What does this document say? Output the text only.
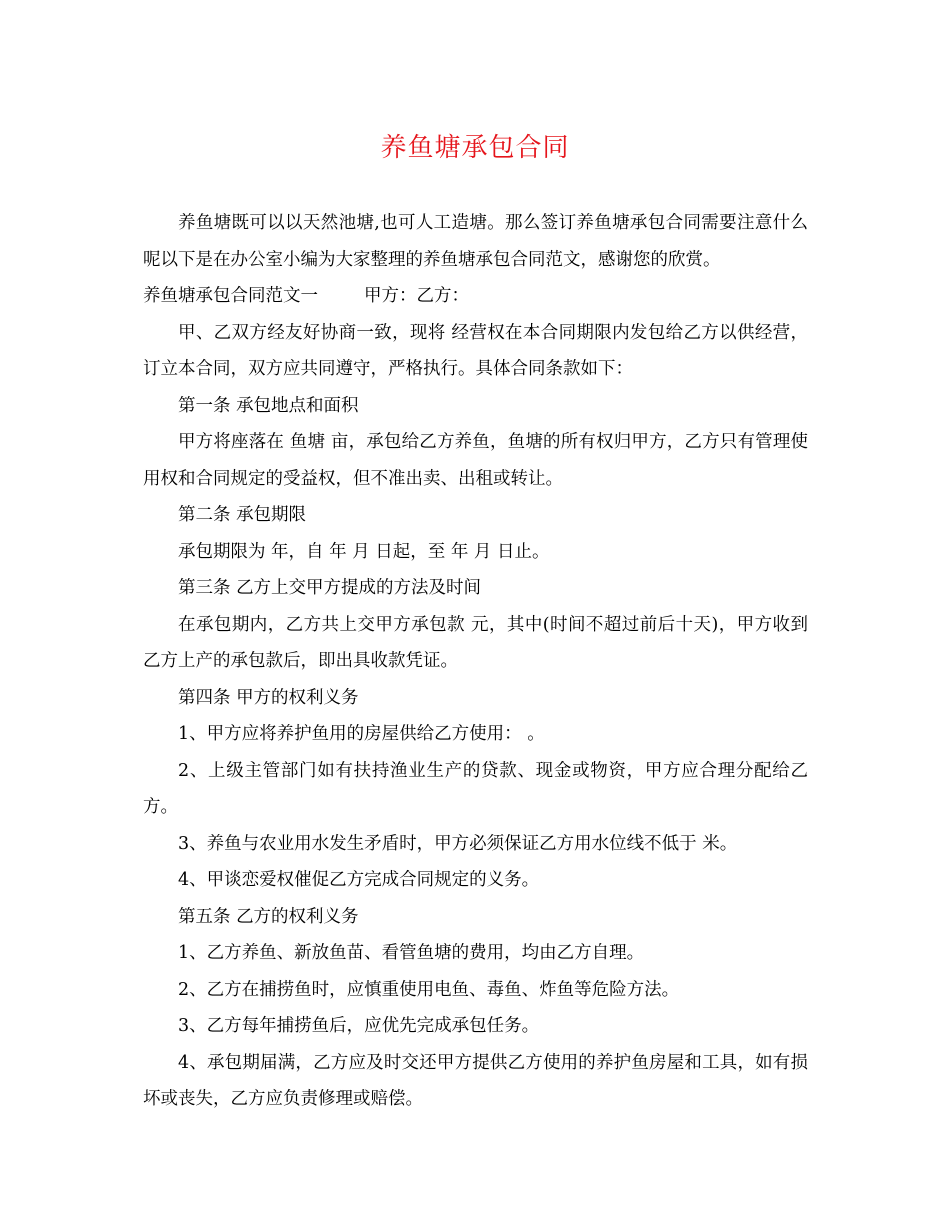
养鱼塘承包合同

养鱼塘既可以以天然池塘,也可人工造塘。那么签订养鱼塘承包合同需要注意什么呢以下是在办公室小编为大家整理的养鱼塘承包合同范文，感谢您的欣赏。

养鱼塘承包合同范文一	甲方：乙方：

甲、乙双方经友好协商一致，现将 经营权在本合同期限内发包给乙方以供经营，订立本合同，双方应共同遵守，严格执行。具体合同条款如下：

第一条 承包地点和面积

甲方将座落在 鱼塘 亩，承包给乙方养鱼，鱼塘的所有权归甲方，乙方只有管理使用权和合同规定的受益权，但不准出卖、出租或转让。

第二条 承包期限

承包期限为 年，自 年 月 日起，至 年 月 日止。

第三条 乙方上交甲方提成的方法及时间

在承包期内，乙方共上交甲方承包款 元，其中(时间不超过前后十天)，甲方收到乙方上产的承包款后，即出具收款凭证。

第四条 甲方的权利义务

1、甲方应将养护鱼用的房屋供给乙方使用： 。

2、上级主管部门如有扶持渔业生产的贷款、现金或物资，甲方应合理分配给乙方。

3、养鱼与农业用水发生矛盾时，甲方必须保证乙方用水位线不低于 米。

4、甲谈恋爱权催促乙方完成合同规定的义务。

第五条 乙方的权利义务

1、乙方养鱼、新放鱼苗、看管鱼塘的费用，均由乙方自理。

2、乙方在捕捞鱼时，应慎重使用电鱼、毒鱼、炸鱼等危险方法。

3、乙方每年捕捞鱼后，应优先完成承包任务。

4、承包期届满，乙方应及时交还甲方提供乙方使用的养护鱼房屋和工具，如有损坏或丧失，乙方应负责修理或赔偿。
